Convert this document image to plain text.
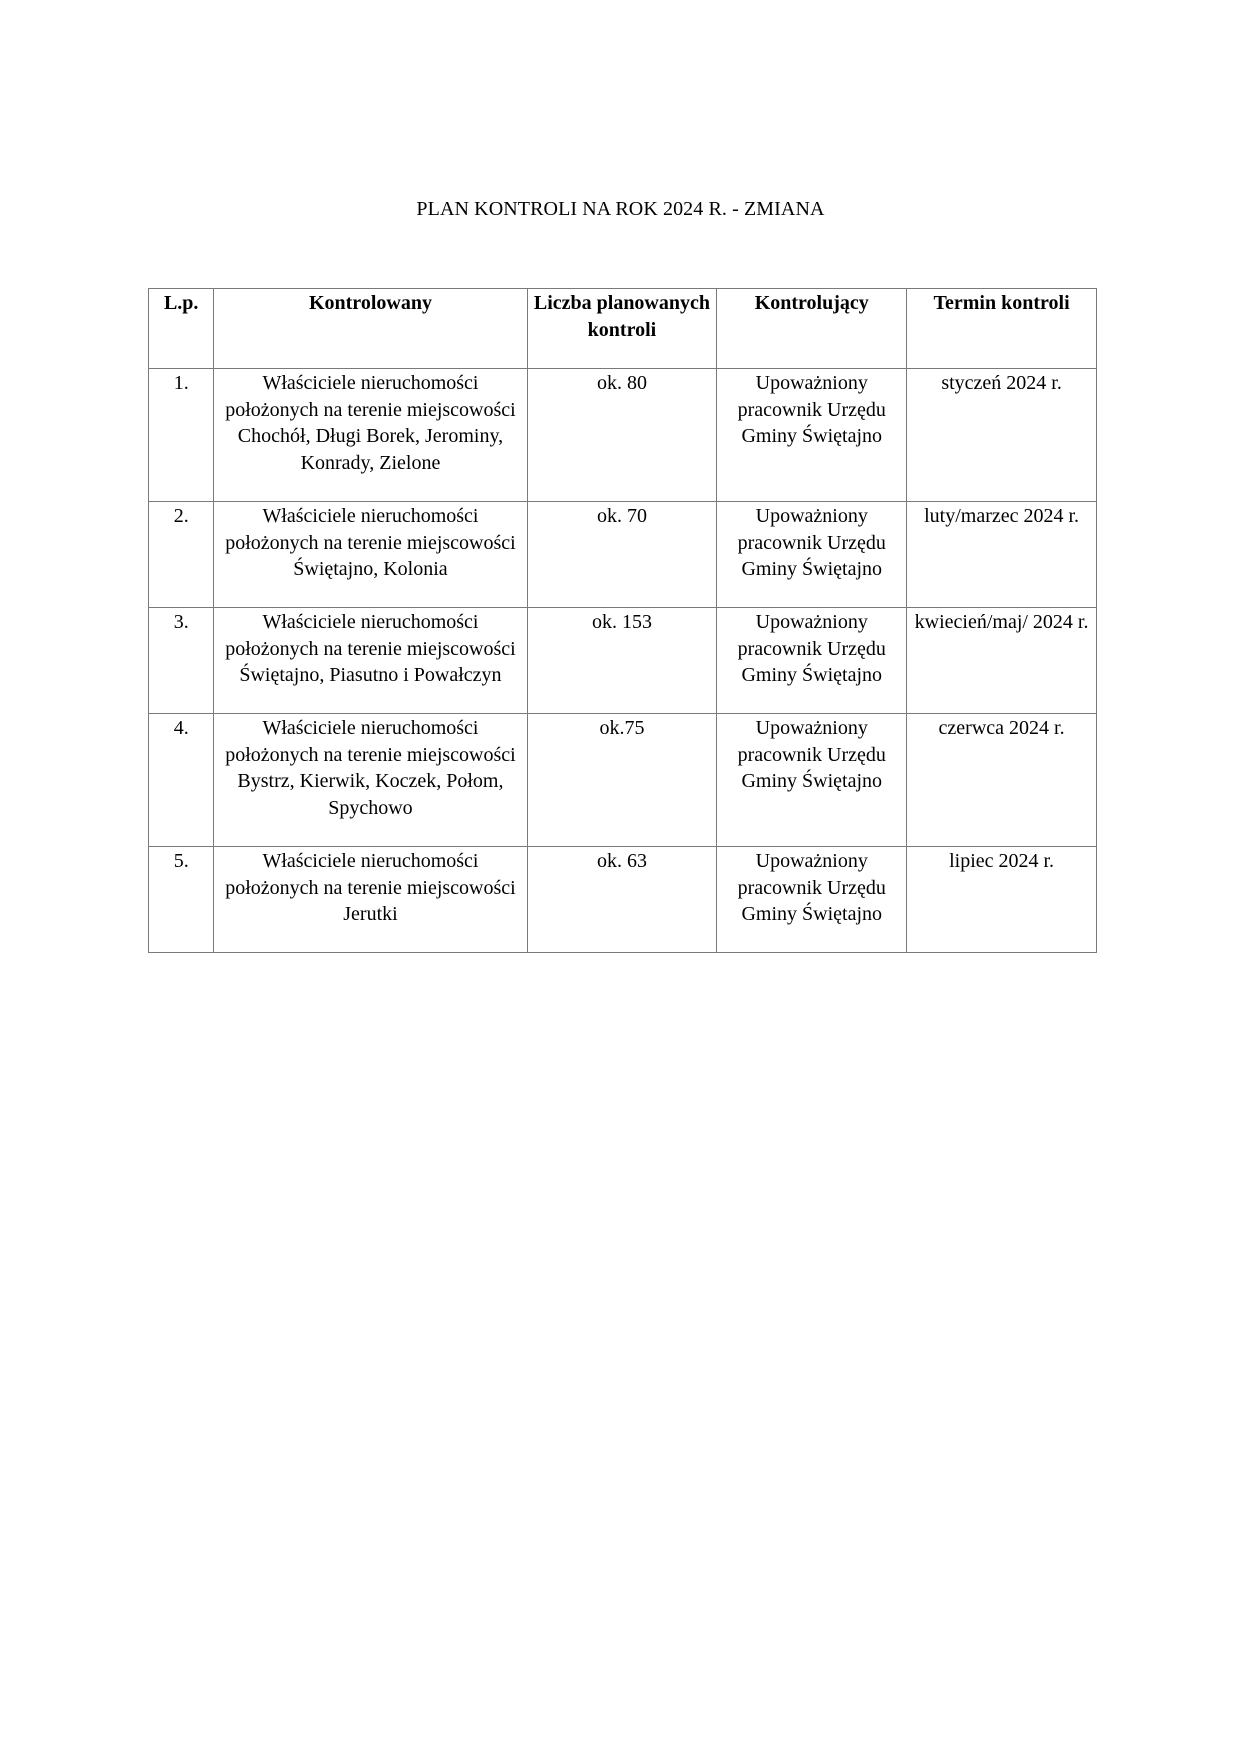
PLAN KONTROLI NA ROK 2024 R. - ZMIANA
L.p.	Kontrolowany	Liczba planowanych kontroli	Kontrolujący	Termin kontroli
1.	Właściciele nieruchomości położonych na terenie miejscowości Chochół, Długi Borek, Jerominy, Konrady, Zielone	ok. 80	Upoważniony pracownik Urzędu Gminy Świętajno	styczeń 2024 r.
2.	Właściciele nieruchomości położonych na terenie miejscowości Świętajno, Kolonia	ok. 70	Upoważniony pracownik Urzędu Gminy Świętajno	luty/marzec 2024 r.
3.	Właściciele nieruchomości położonych na terenie miejscowości Świętajno, Piasutno i Powałczyn	ok. 153	Upoważniony pracownik Urzędu Gminy Świętajno	kwiecień/maj/ 2024 r.
4.	Właściciele nieruchomości położonych na terenie miejscowości Bystrz, Kierwik, Koczek, Połom, Spychowo	ok.75	Upoważniony pracownik Urzędu Gminy Świętajno	czerwca 2024 r.
5.	Właściciele nieruchomości położonych na terenie miejscowości Jerutki	ok. 63	Upoważniony pracownik Urzędu Gminy Świętajno	lipiec 2024 r.
